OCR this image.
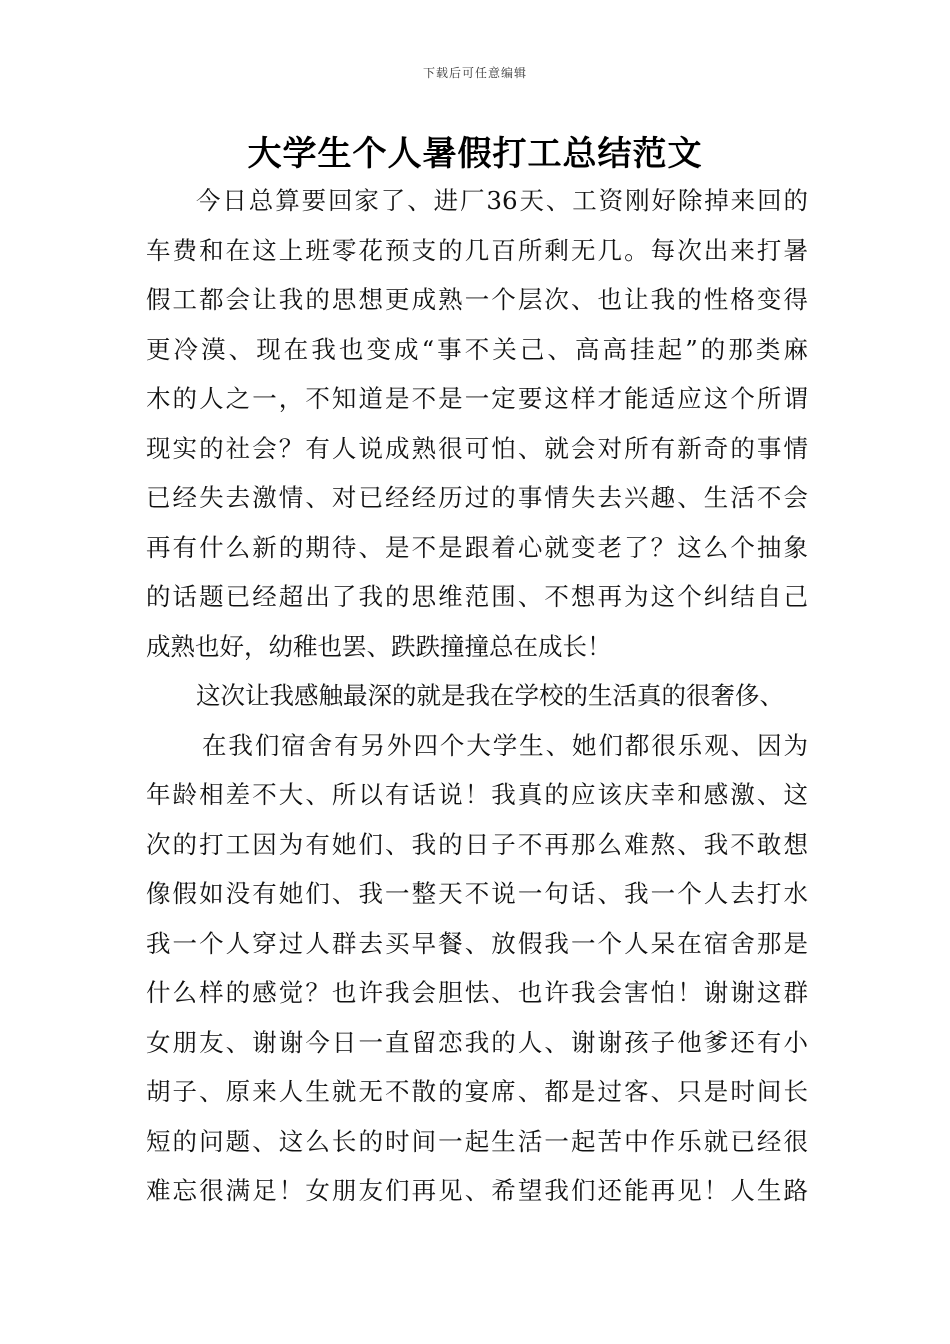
下载后可任意编辑
大学生个人暑假打工总结范文
今日总算要回家了、进厂36天、工资刚好除掉来回的
车费和在这上班零花预支的几百所剩无几。每次出来打暑
假工都会让我的思想更成熟一个层次、也让我的性格变得
更冷漠、现在我也变成“事不关己、高高挂起”的那类麻
木的人之一，不知道是不是一定要这样才能适应这个所谓
现实的社会？有人说成熟很可怕、就会对所有新奇的事情
已经失去激情、对已经经历过的事情失去兴趣、生活不会
再有什么新的期待、是不是跟着心就变老了？这么个抽象
的话题已经超出了我的思维范围、不想再为这个纠结自己
成熟也好，幼稚也罢、跌跌撞撞总在成长！
这次让我感触最深的就是我在学校的生活真的很奢侈、
在我们宿舍有另外四个大学生、她们都很乐观、因为
年龄相差不大、所以有话说！我真的应该庆幸和感激、这
次的打工因为有她们、我的日子不再那么难熬、我不敢想
像假如没有她们、我一整天不说一句话、我一个人去打水
我一个人穿过人群去买早餐、放假我一个人呆在宿舍那是
什么样的感觉？也许我会胆怯、也许我会害怕！谢谢这群
女朋友、谢谢今日一直留恋我的人、谢谢孩子他爹还有小
胡子、原来人生就无不散的宴席、都是过客、只是时间长
短的问题、这么长的时间一起生活一起苦中作乐就已经很
难忘很满足！女朋友们再见、希望我们还能再见！人生路
